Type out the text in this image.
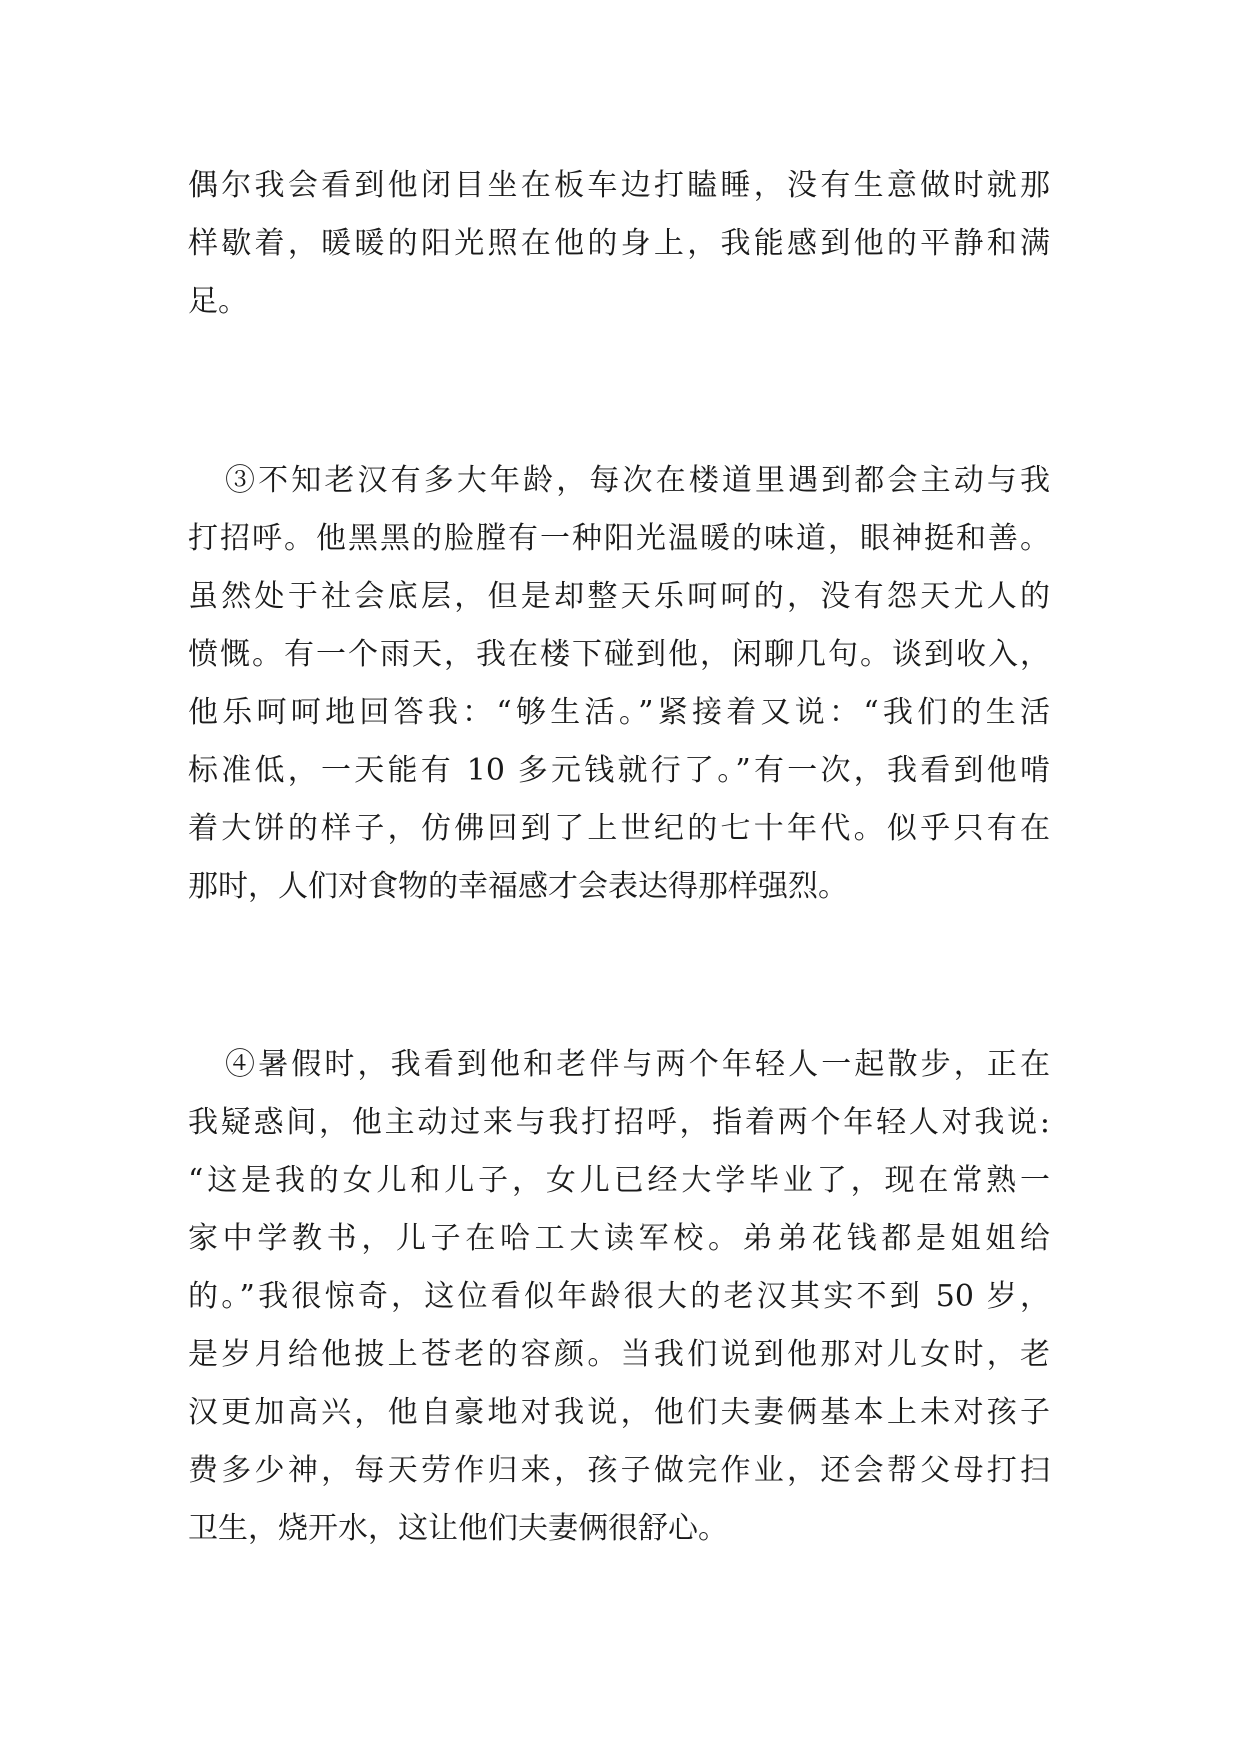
偶尔我会看到他闭目坐在板车边打瞌睡，没有生意做时就那
样歇着，暖暖的阳光照在他的身上，我能感到他的平静和满
足。
③不知老汉有多大年龄，每次在楼道里遇到都会主动与我
打招呼。他黑黑的脸膛有一种阳光温暖的味道，眼神挺和善。
虽然处于社会底层，但是却整天乐呵呵的，没有怨天尤人的
愤慨。有一个雨天，我在楼下碰到他，闲聊几句。谈到收入，
他乐呵呵地回答我：“够生活。”紧接着又说：“我们的生活
标准低，一天能有 10 多元钱就行了。”有一次，我看到他啃
着大饼的样子，仿佛回到了上世纪的七十年代。似乎只有在
那时，人们对食物的幸福感才会表达得那样强烈。
④暑假时，我看到他和老伴与两个年轻人一起散步，正在
我疑惑间，他主动过来与我打招呼，指着两个年轻人对我说:
“这是我的女儿和儿子，女儿已经大学毕业了，现在常熟一
家中学教书，儿子在哈工大读军校。弟弟花钱都是姐姐给
的。”我很惊奇，这位看似年龄很大的老汉其实不到 50 岁，
是岁月给他披上苍老的容颜。当我们说到他那对儿女时，老
汉更加高兴，他自豪地对我说，他们夫妻俩基本上未对孩子
费多少神，每天劳作归来，孩子做完作业，还会帮父母打扫
卫生，烧开水，这让他们夫妻俩很舒心。
